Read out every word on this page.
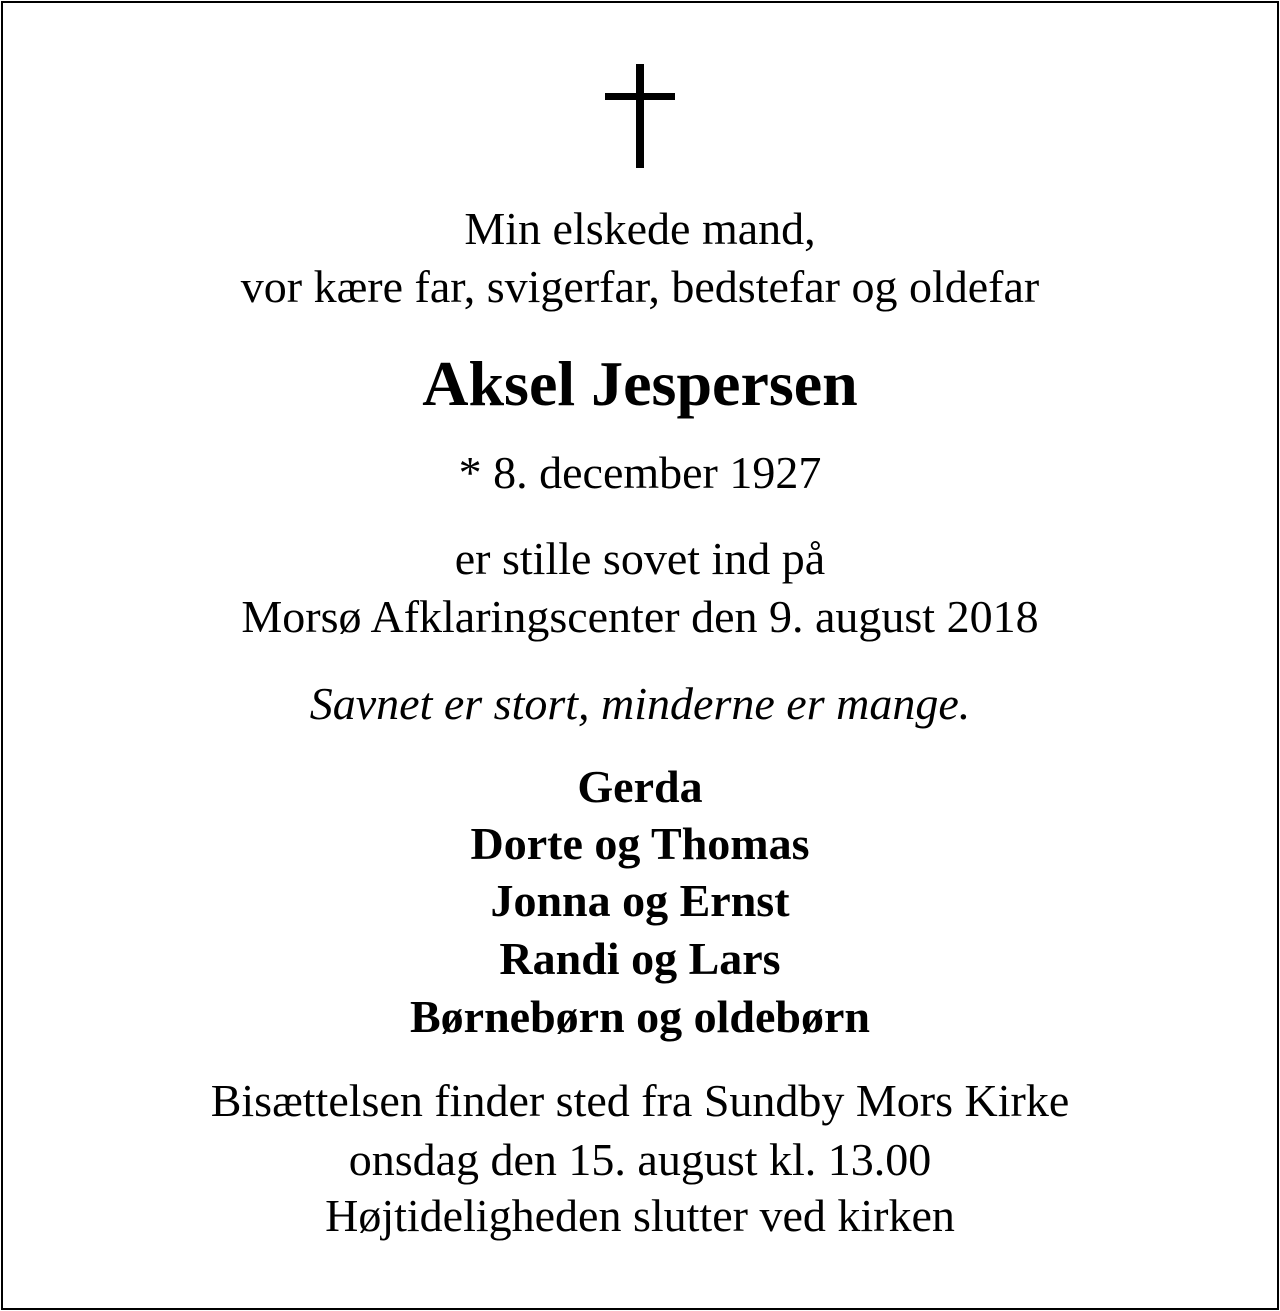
Min elskede mand,
vor kære far, svigerfar, bedstefar og oldefar
Aksel Jespersen
* 8. december 1927
er stille sovet ind på
Morsø Afklaringscenter den 9. august 2018
Savnet er stort, minderne er mange.
Gerda
Dorte og Thomas
Jonna og Ernst
Randi og Lars
Børnebørn og oldebørn
Bisættelsen finder sted fra Sundby Mors Kirke
onsdag den 15. august kl. 13.00
Højtideligheden slutter ved kirken
